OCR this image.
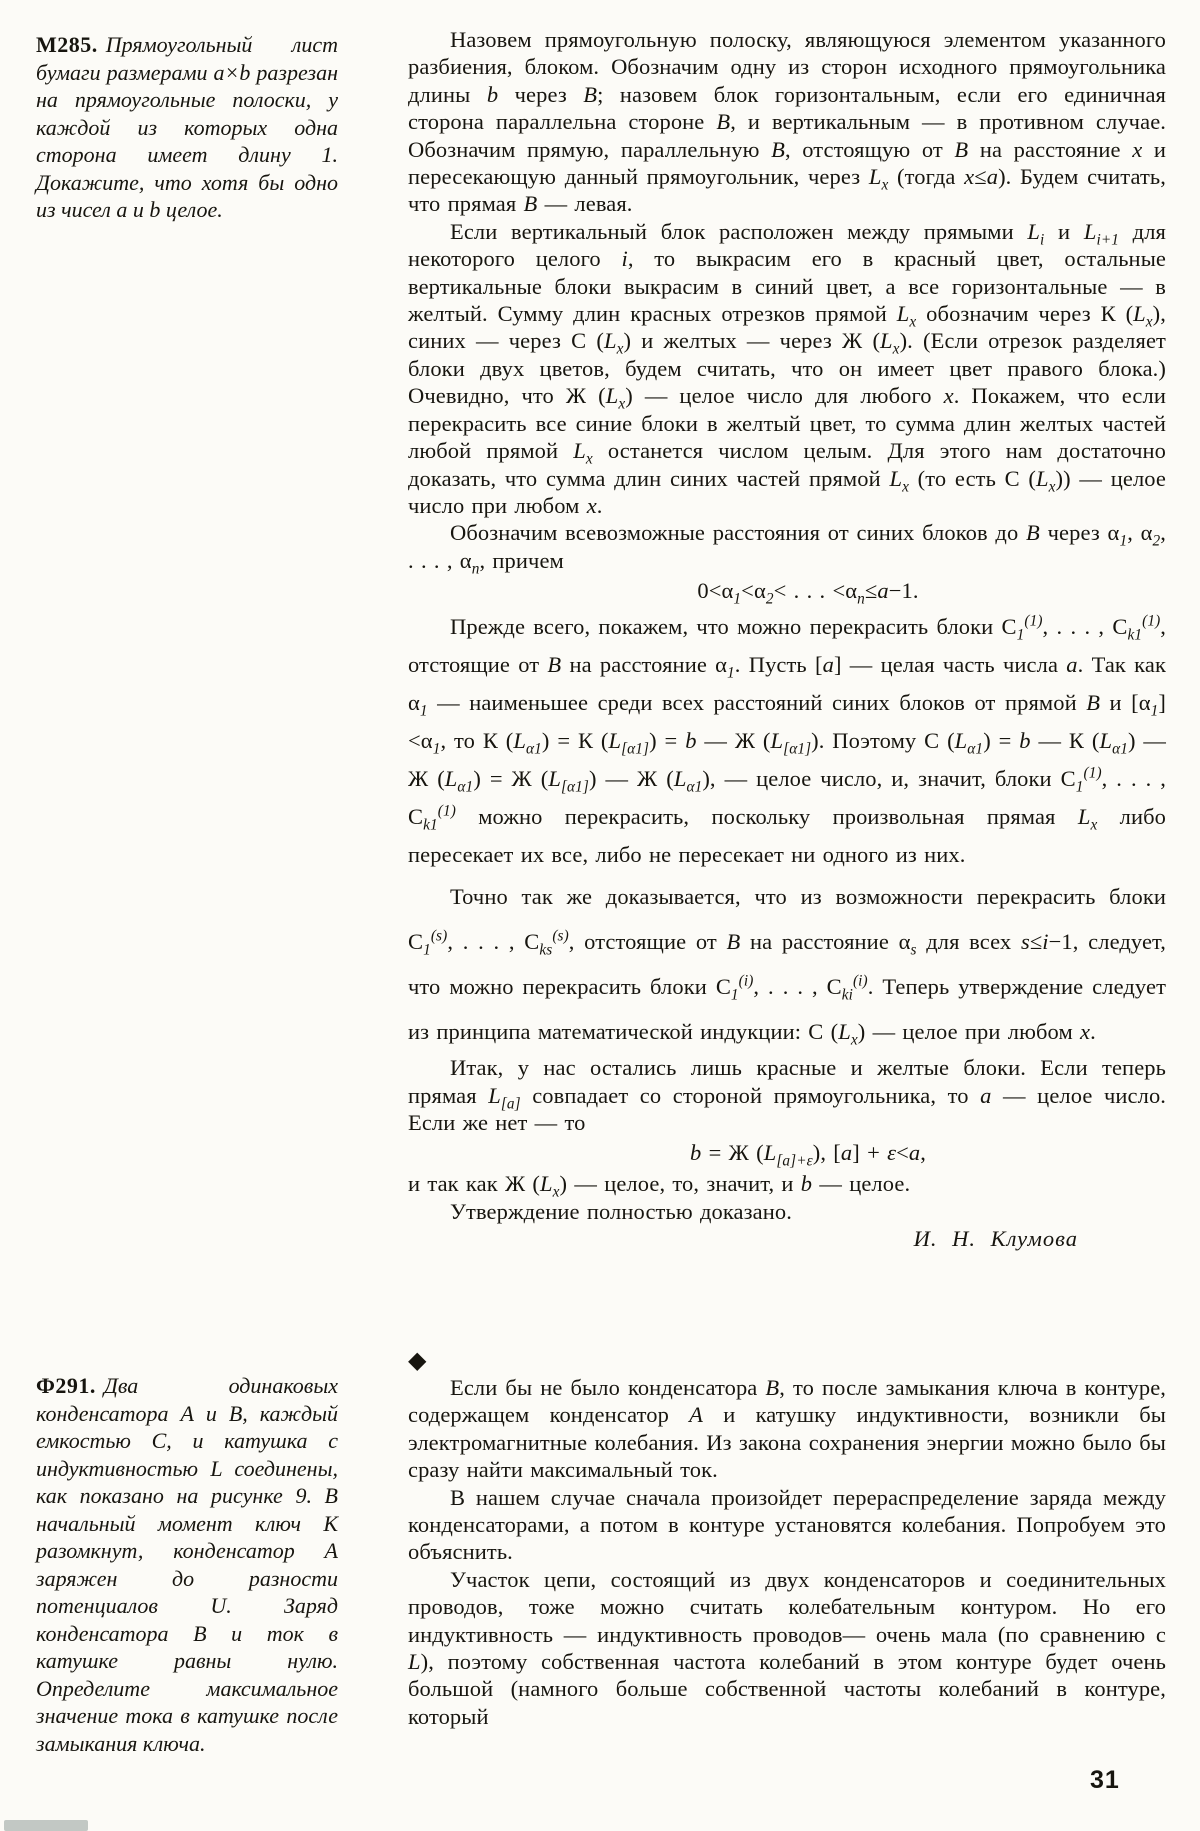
М285. Прямоугольный лист бумаги размерами a×b разрезан на прямоугольные полоски, у каждой из которых одна сторона имеет длину 1. Докажите, что хотя бы одно из чисел a и b целое.
Ф291. Два одинаковых конденсатора А и В, каждый емкостью С, и катушка с индуктивностью L соединены, как показано на рисунке 9. В начальный момент ключ К разомкнут, конденсатор А заряжен до разности потенциалов U. Заряд конденсатора В и ток в катушке равны нулю. Определите максимальное значение тока в катушке после замыкания ключа.

Назовем прямоугольную полоску, являющуюся элементом указанного разбиения, блоком. Обозначим одну из сторон исходного прямоугольника длины b через B; назовем блок горизонтальным, если его единичная сторона параллельна стороне B, и вертикальным — в противном случае. Обозначим прямую, параллельную B, отстоящую от B на расстояние x и пересекающую данный прямоугольник, через $L_x$ (тогда x≤a). Будем считать, что прямая B — левая.

Если вертикальный блок расположен между прямыми $L_i$ и $L_{i+1}$ для некоторого целого i, то выкрасим его в красный цвет, остальные вертикальные блоки выкрасим в синий цвет, а все горизонтальные — в желтый. Сумму длин красных отрезков прямой $L_x$ обозначим через К $(L_x)$, синих — через С $(L_x)$ и желтых — через Ж $(L_x)$. (Если отрезок разделяет блоки двух цветов, будем считать, что он имеет цвет правого блока.) Очевидно, что Ж $(L_x)$ — целое число для любого x. Покажем, что если перекрасить все синие блоки в желтый цвет, то сумма длин желтых частей любой прямой $L_x$ останется числом целым. Для этого нам достаточно доказать, что сумма длин синих частей прямой $L_x$ (то есть С $(L_x)$) — целое число при любом x.

Обозначим всевозможные расстояния от синих блоков до B через $\alpha_1$, $\alpha_2$, . . . , $\alpha_n$, причем

$0<\alpha_1<\alpha_2<$ . . . $<\alpha_n\le a-1$.

Прежде всего, покажем, что можно перекрасить блоки $C_1^{(1)}$, . . . , $C_{k1}^{(1)}$, отстоящие от B на расстояние $\alpha_1$. Пусть [a] — целая часть числа a. Так как $\alpha_1$ — наименьшее среди всех расстояний синих блоков от прямой B и $[\alpha_1]<\alpha_1$, то К $(L_{\alpha 1}) = К$ $(L_{[\alpha 1]}) = b$ — Ж $(L_{[\alpha 1]})$. Поэтому С $(L_{\alpha 1}) = b$ — К $(L_{\alpha 1})$ — Ж $(L_{\alpha 1}) = Ж$ $(L_{[\alpha 1]})$ — Ж $(L_{\alpha 1})$, — целое число, и, значит, блоки $C_1^{(1)}$, . . . , $C_{k1}^{(1)}$ можно перекрасить, поскольку произвольная прямая $L_x$ либо пересекает их все, либо не пересекает ни одного из них.

Точно так же доказывается, что из возможности перекрасить блоки $C_1^{(s)}$, . . . , $C_{ks}^{(s)}$, отстоящие от B на расстояние $\alpha_s$ для всех s≤i−1, следует, что можно перекрасить блоки $C_1^{(i)}$, . . . , $C_{ki}^{(i)}$. Теперь утверждение следует из принципа математической индукции: С $(L_x)$ — целое при любом x.

Итак, у нас остались лишь красные и желтые блоки. Если теперь прямая $L_{[a]}$ совпадает со стороной прямоугольника, то a — целое число. Если же нет — то

b = Ж $(L_{[a]+\varepsilon})$, [a] + ε<a,

и так как Ж $(L_x)$ — целое, то, значит, и b — целое.

Утверждение полностью доказано.

И. Н. Клумова

◆

Если бы не было конденсатора B, то после замыкания ключа в контуре, содержащем конденсатор А и катушку индуктивности, возникли бы электромагнитные колебания. Из закона сохранения энергии можно было бы сразу найти максимальный ток.

В нашем случае сначала произойдет перераспределение заряда между конденсаторами, а потом в контуре установятся колебания. Попробуем это объяснить.

Участок цепи, состоящий из двух конденсаторов и соединительных проводов, тоже можно считать колебательным контуром. Но его индуктивность — индуктивность проводов— очень мала (по сравнению с L), поэтому собственная частота колебаний в этом контуре будет очень большой (намного больше собственной частоты колебаний в контуре, который

31
